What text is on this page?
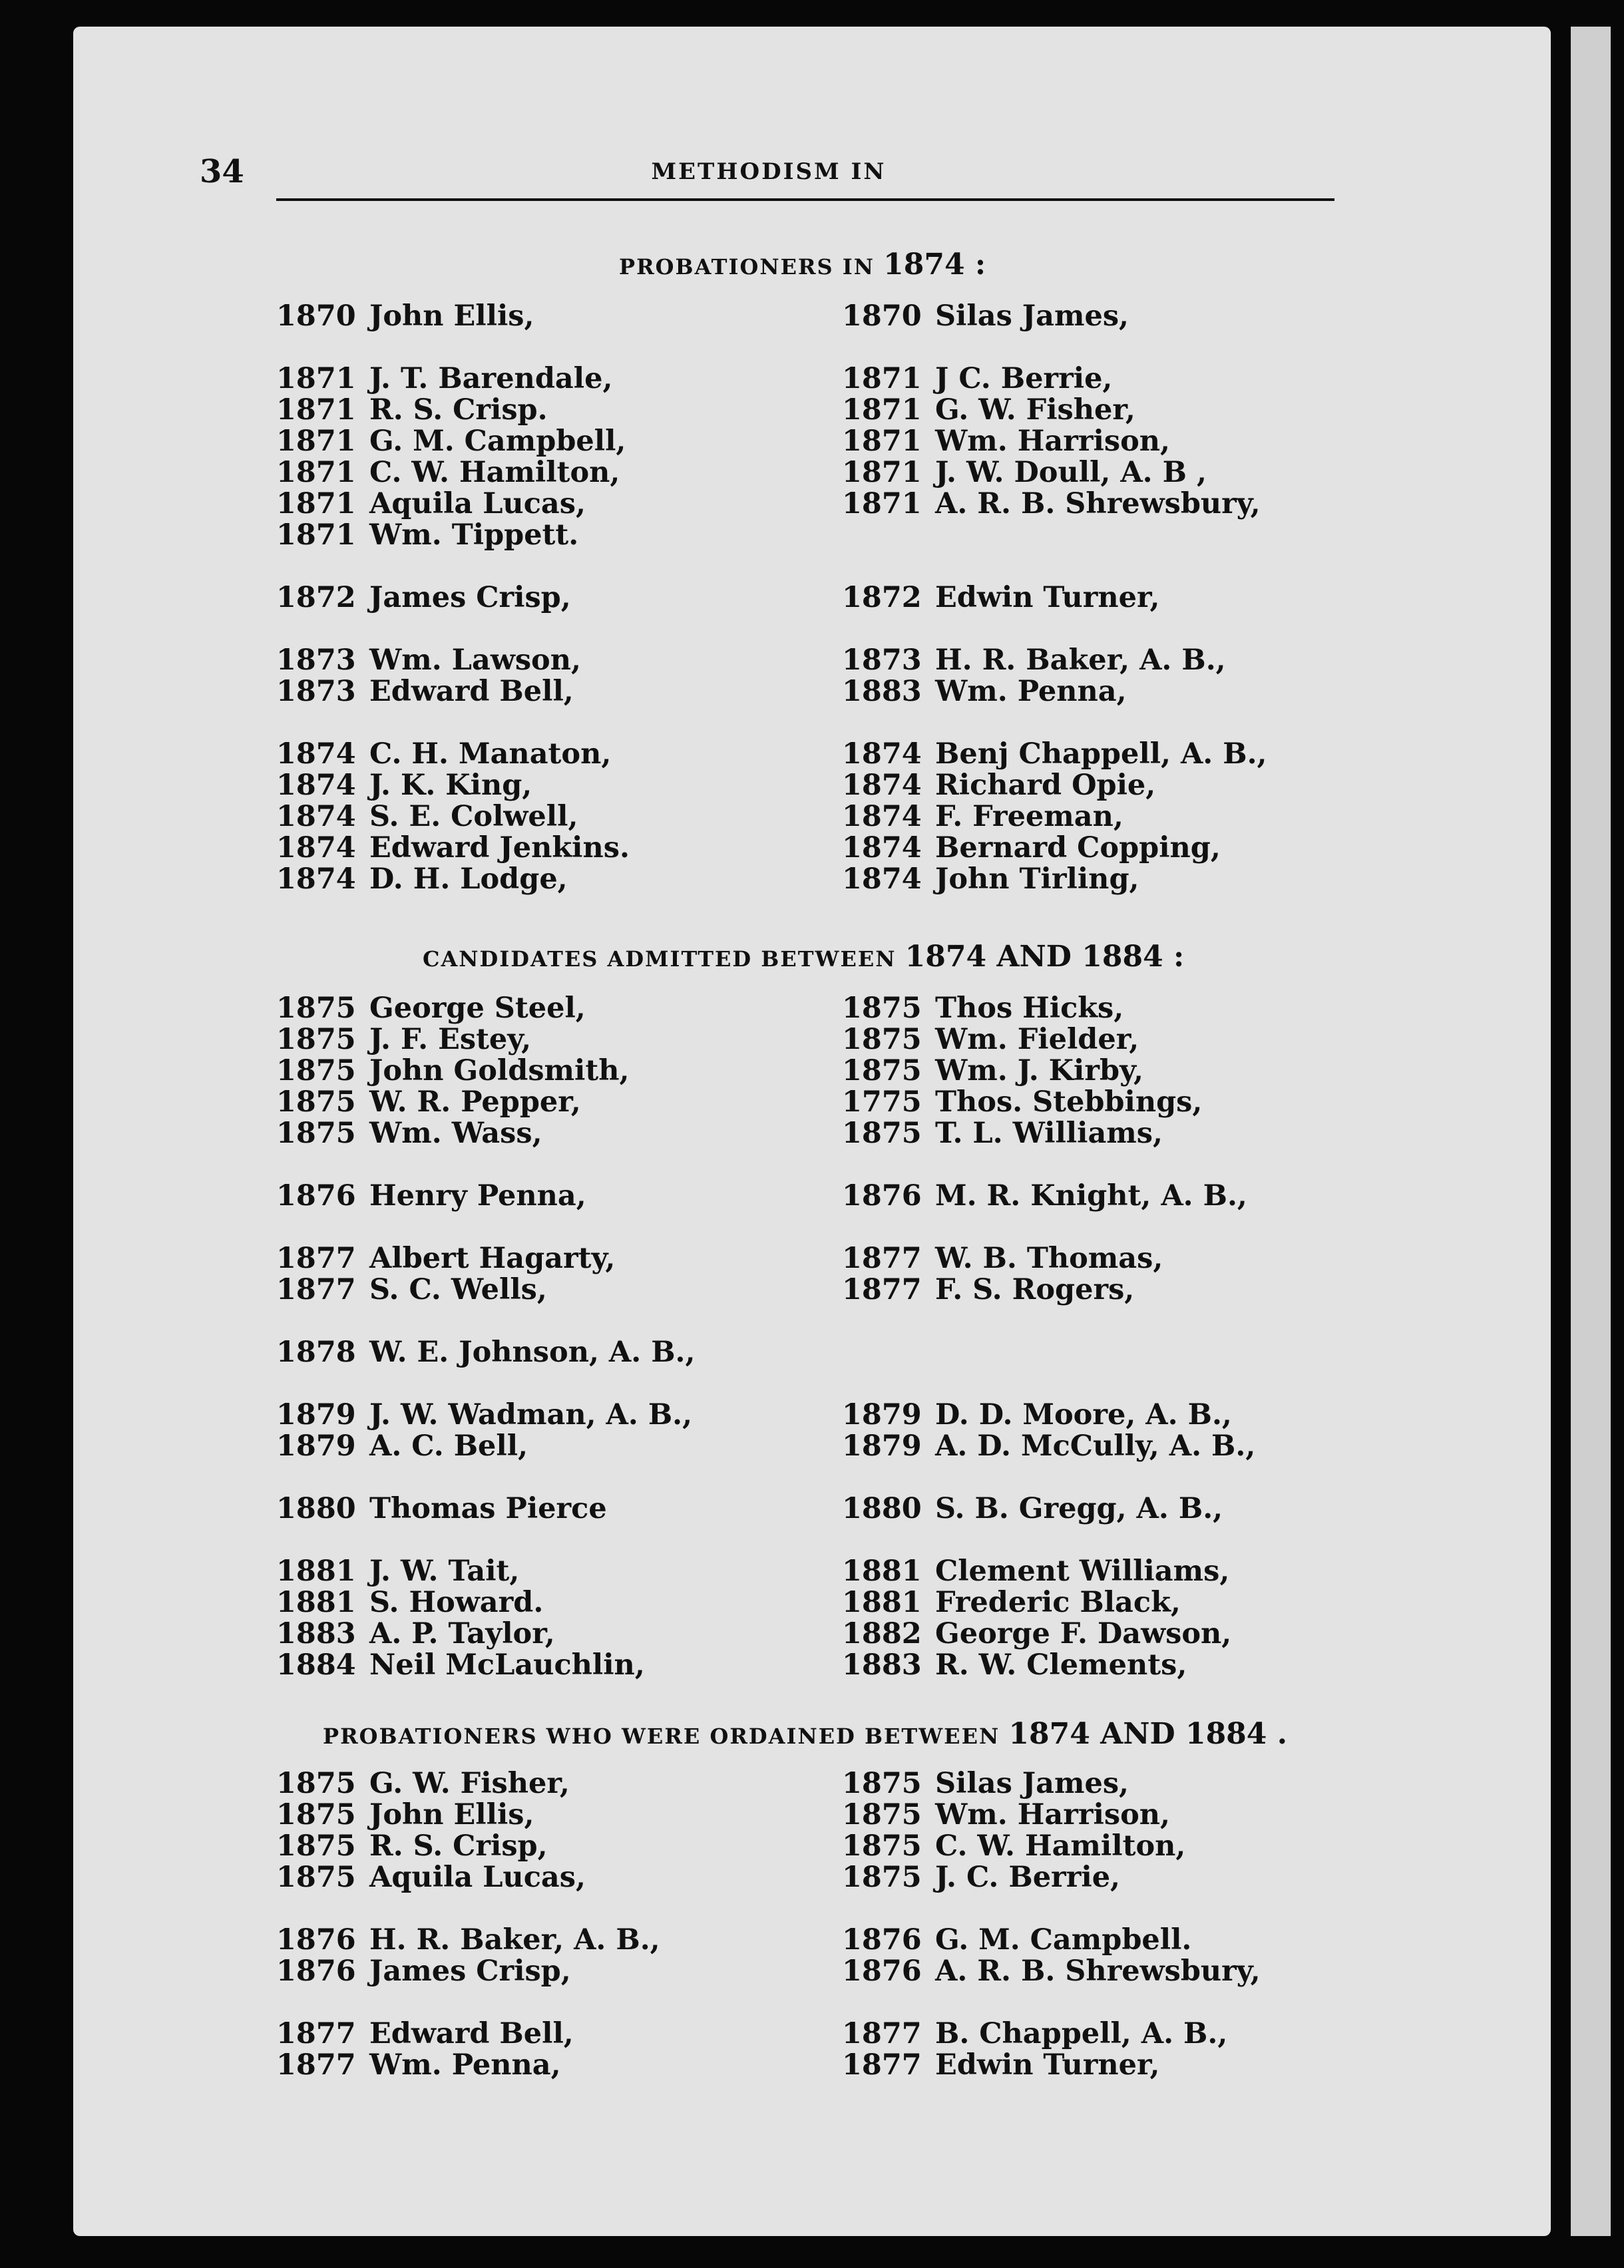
34	METHODISM IN
PROBATIONERS IN 1874 :
1870 John Ellis,
1871 J. T. Barendale,
1871 R. S. Crisp.
1871 G. M. Campbell,
1871 C. W. Hamilton,
1871 Aquila Lucas,
1871 Wm. Tippett.
1872 James Crisp,
1873 Wm. Lawson,
1873 Edward Bell,
1874 C. H. Manaton,
1874 J. K. King,
1874 S. E. Colwell,
1874 Edward Jenkins.
1874 D. H. Lodge,
1870 Silas James,
1871 J C. Berrie,
1871 G. W. Fisher,
1871 Wm. Harrison,
1871 J. W. Doull, A. B ,
1871 A. R. B. Shrewsbury,
1872 Edwin Turner,
1873 H. R. Baker, A. B.,
1883 Wm. Penna,
1874 Benj Chappell, A. B.,
1874 Richard Opie,
1874 F. Freeman,
1874 Bernard Copping,
1874 John Tirling,
CANDIDATES ADMITTED BETWEEN 1874 AND 1884 :
1875 George Steel,
1875 J. F. Estey,
1875 John Goldsmith,
1875 W. R. Pepper,
1875 Wm. Wass,
1876 Henry Penna,
1877 Albert Hagarty,
1877 S. C. Wells,
1878 W. E. Johnson, A. B.,
1879 J. W. Wadman, A. B.,
1879 A. C. Bell,
1880 Thomas Pierce
1881 J. W. Tait,
1881 S. Howard.
1883 A. P. Taylor,
1884 Neil McLauchlin,
1875 Thos Hicks,
1875 Wm. Fielder,
1875 Wm. J. Kirby,
1775 Thos. Stebbings,
1875 T. L. Williams,
1876 M. R. Knight, A. B.,
1877 W. B. Thomas,
1877 F. S. Rogers,
1879 D. D. Moore, A. B.,
1879 A. D. McCully, A. B.,
1880 S. B. Gregg, A. B.,
1881 Clement Williams,
1881 Frederic Black,
1882 George F. Dawson,
1883 R. W. Clements,
PROBATIONERS WHO WERE ORDAINED BETWEEN 1874 AND 1884 .
1875 G. W. Fisher,
1875 John Ellis,
1875 R. S. Crisp,
1875 Aquila Lucas,
1876 H. R. Baker, A. B.,
1876 James Crisp,
1877 Edward Bell,
1877 Wm. Penna,
1875 Silas James,
1875 Wm. Harrison,
1875 C. W. Hamilton,
1875 J. C. Berrie,
1876 G. M. Campbell.
1876 A. R. B. Shrewsbury,
1877 B. Chappell, A. B.,
1877 Edwin Turner,
